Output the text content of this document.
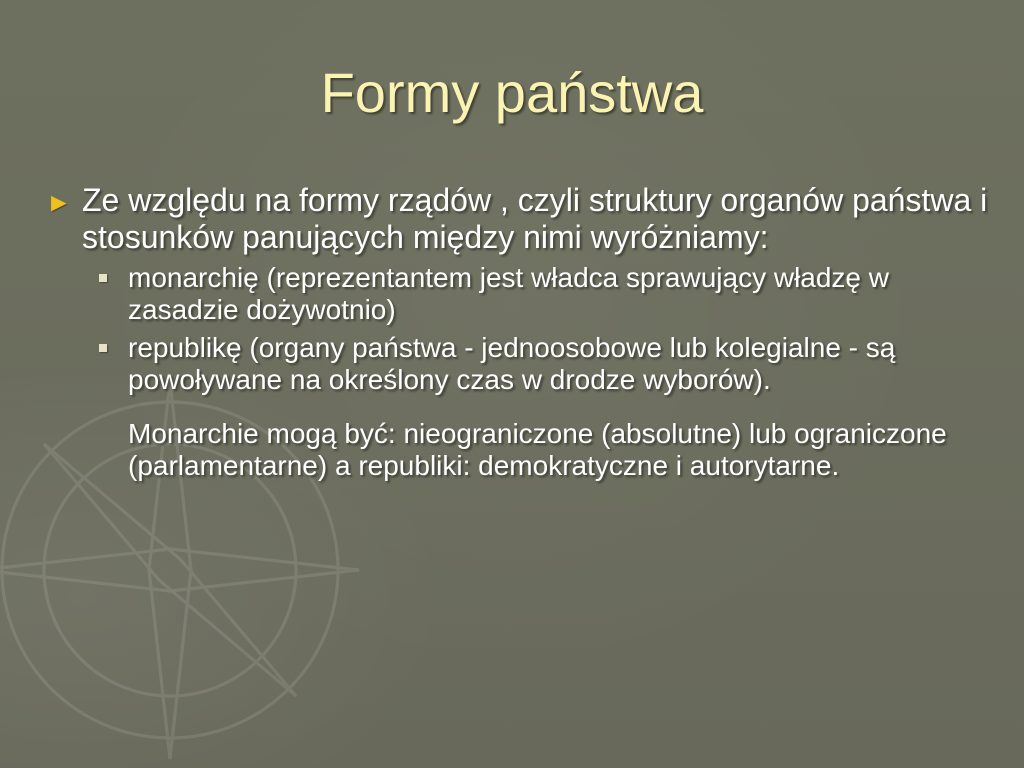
Formy państwa
► Ze względu na formy rządów , czyli struktury organów państwa i stosunków panujących między nimi wyróżniamy:
monarchię (reprezentantem jest władca sprawujący władzę w zasadzie dożywotnio)
republikę (organy państwa - jednoosobowe lub kolegialne - są powoływane na określony czas w drodze wyborów).
Monarchie mogą być: nieograniczone (absolutne) lub ograniczone (parlamentarne) a republiki: demokratyczne i autorytarne.
